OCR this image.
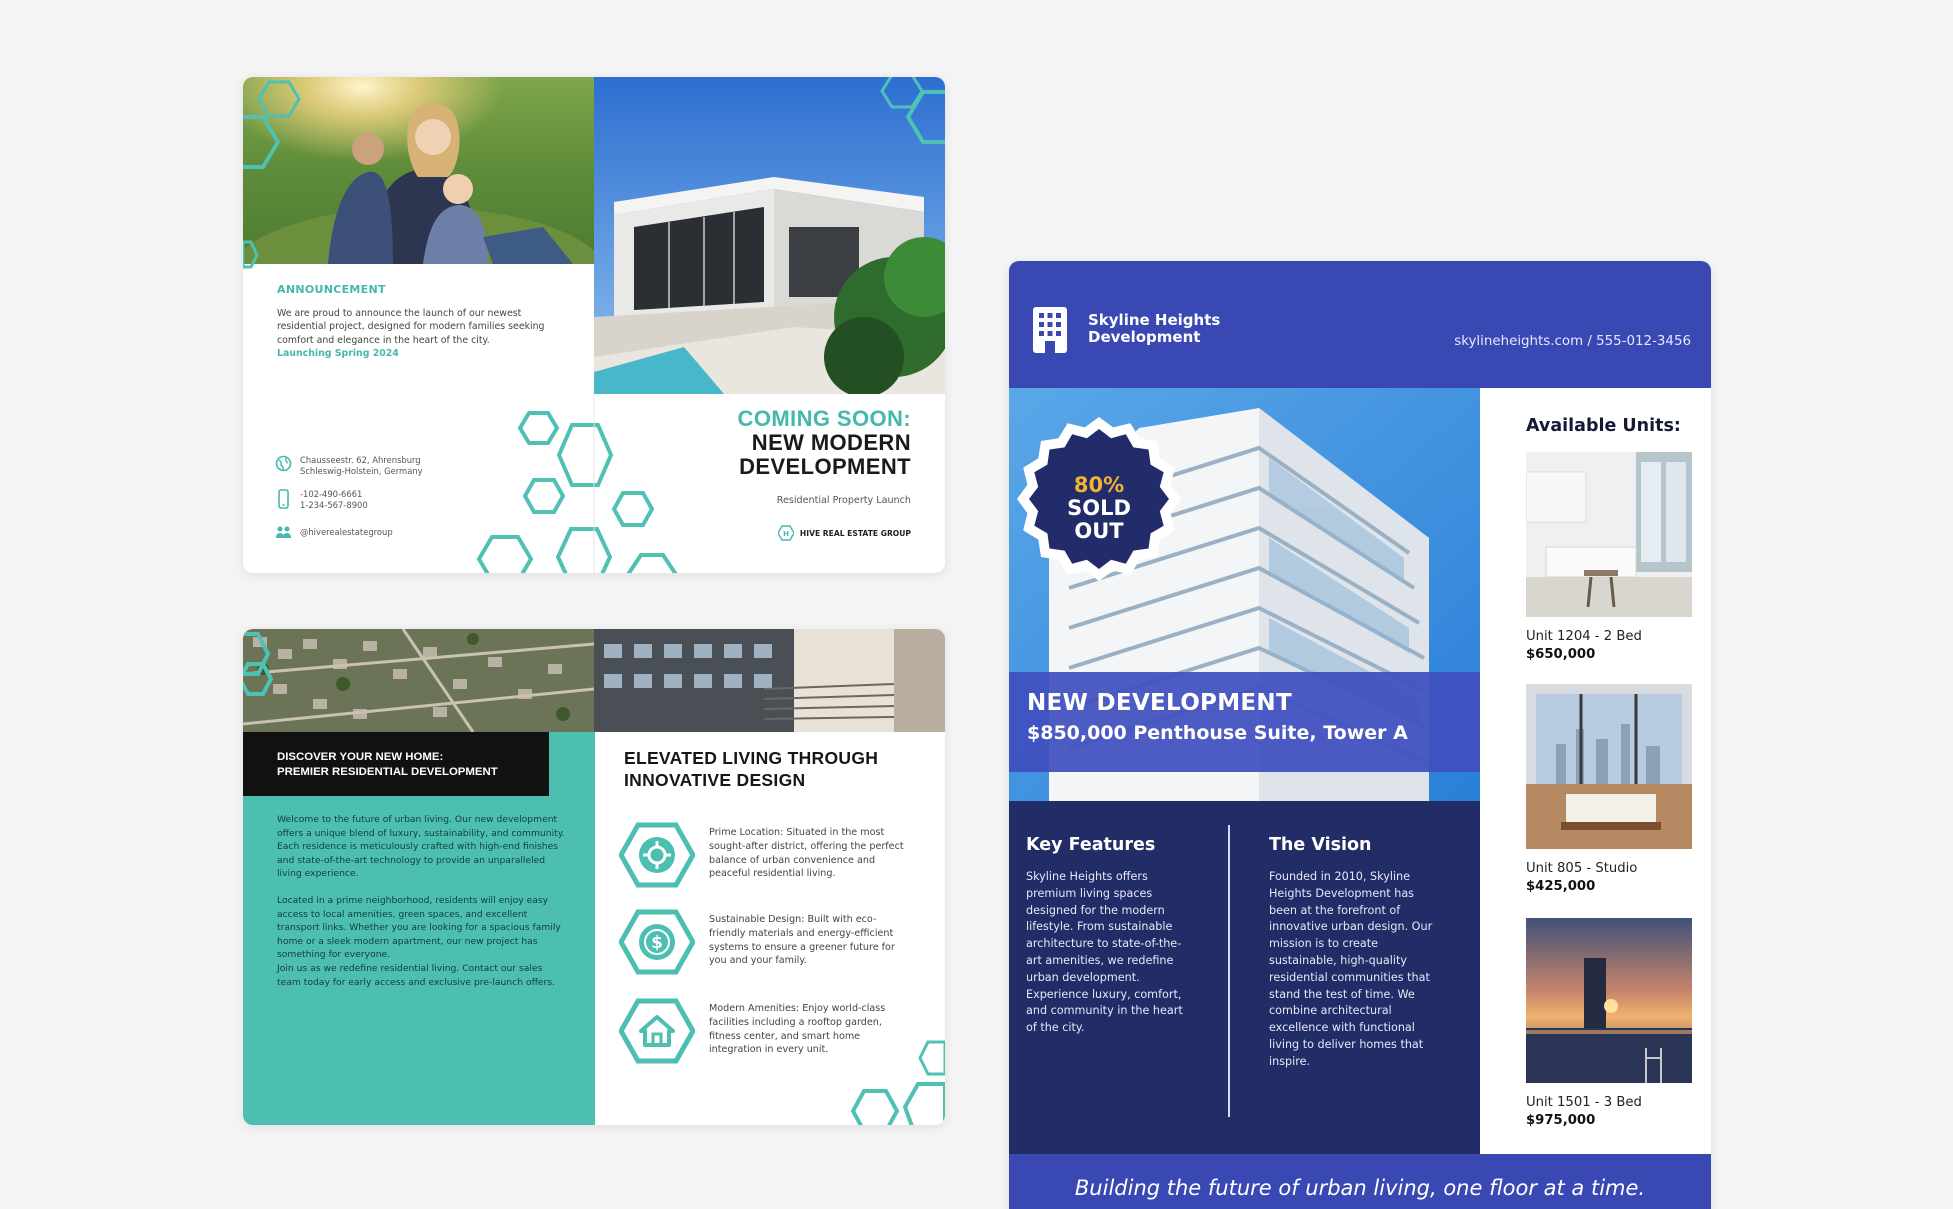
ANNOUNCEMENT
We are proud to announce the launch of our newest residential project, designed for modern families seeking comfort and elegance in the heart of the city.
Launching Spring 2024
Chausseestr. 62, Ahrensburg
Schleswig-Holstein, Germany
-102-490-6661
1-234-567-8900
@hiverealestategroup
COMING SOON:
NEW MODERN
DEVELOPMENT
Residential Property Launch
H HIVE REAL ESTATE GROUP
DISCOVER YOUR NEW HOME:
PREMIER RESIDENTIAL DEVELOPMENT

Welcome to the future of urban living. Our new development offers a unique blend of luxury, sustainability, and community. Each residence is meticulously crafted with high-end finishes and state-of-the-art technology to provide an unparalleled living experience.

Located in a prime neighborhood, residents will enjoy easy access to local amenities, green spaces, and excellent transport links. Whether you are looking for a spacious family home or a sleek modern apartment, our new project has something for everyone.
Join us as we redefine residential living. Contact our sales team today for early access and exclusive pre-launch offers.
ELEVATED LIVING THROUGH
INNOVATIVE DESIGN
Prime Location: Situated in the most sought-after district, offering the perfect balance of urban convenience and peaceful residential living.
$
Sustainable Design: Built with eco-friendly materials and energy-efficient systems to ensure a greener future for you and your family.
Modern Amenities: Enjoy world-class facilities including a rooftop garden, fitness center, and smart home integration in every unit.
Skyline Heights
Development	skylineheights.com / 555-012-3456
80%
SOLD
OUT
NEW DEVELOPMENT
$850,000 Penthouse Suite, Tower A
Key Features
Skyline Heights offers premium living spaces designed for the modern lifestyle. From sustainable architecture to state-of-the-art amenities, we redefine urban development. Experience luxury, comfort, and community in the heart of the city.
The Vision
Founded in 2010, Skyline Heights Development has been at the forefront of innovative urban design. Our mission is to create sustainable, high-quality residential communities that stand the test of time. We combine architectural excellence with functional living to deliver homes that inspire.
Available Units:
Unit 1204 - 2 Bed
$650,000
Unit 805 - Studio
$425,000
Unit 1501 - 3 Bed
$975,000
Building the future of urban living, one floor at a time.
